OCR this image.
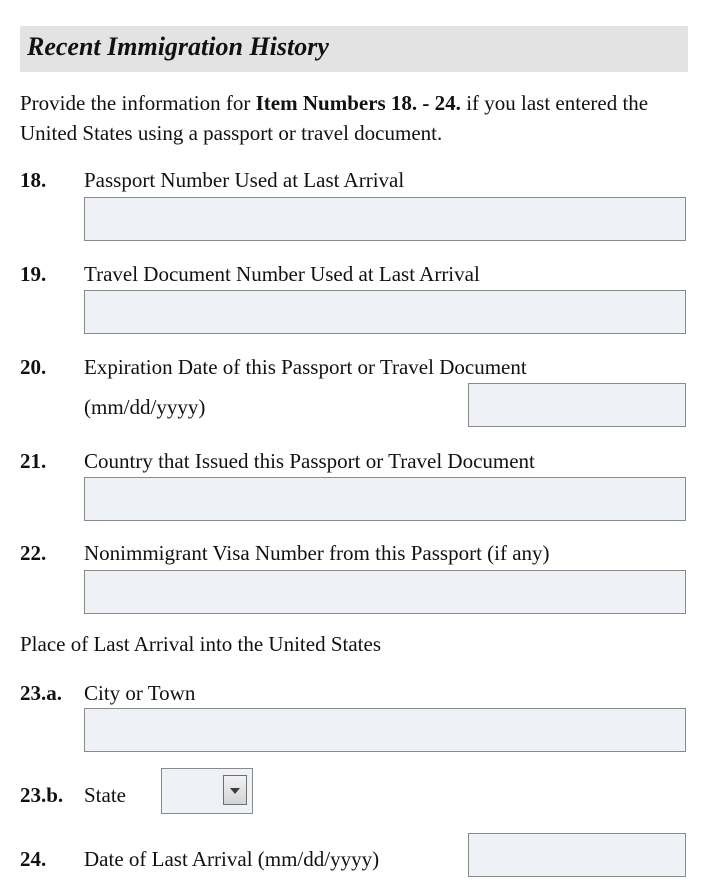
Recent Immigration History
Provide the information for Item Numbers 18. - 24. if you last entered the United States using a passport or travel document.
18. Passport Number Used at Last Arrival
19. Travel Document Number Used at Last Arrival
20. Expiration Date of this Passport or Travel Document
(mm/dd/yyyy)
21. Country that Issued this Passport or Travel Document
22. Nonimmigrant Visa Number from this Passport (if any)
Place of Last Arrival into the United States
23.a. City or Town
23.b. State
24. Date of Last Arrival (mm/dd/yyyy)
